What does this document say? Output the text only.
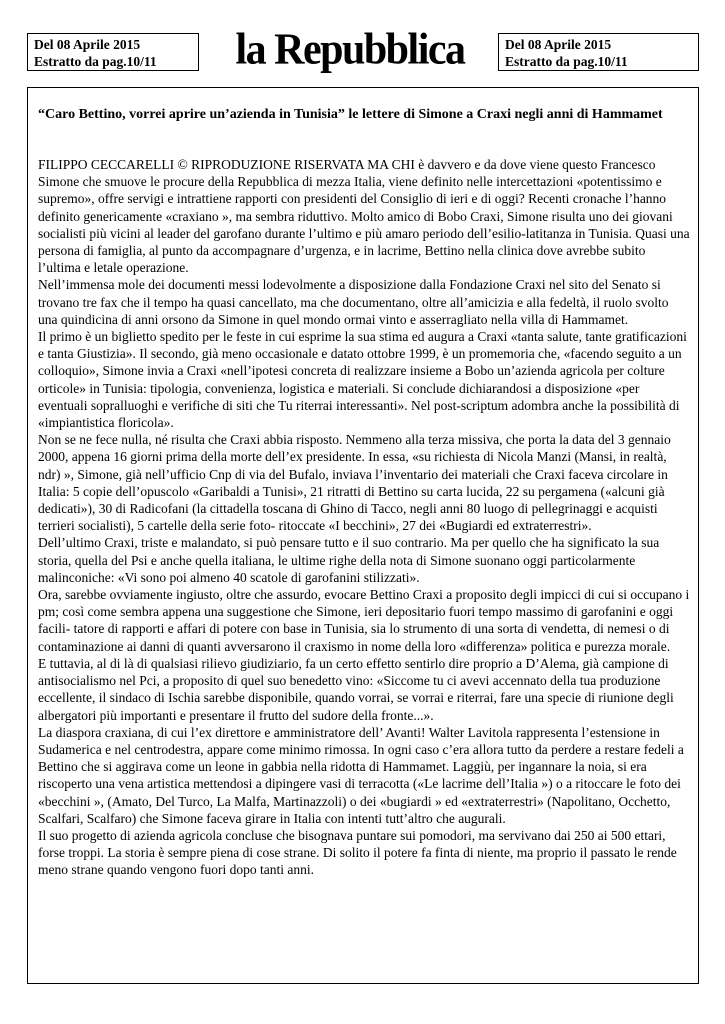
Del 08 Aprile 2015
Estratto da pag.10/11	la Repubblica	Del 08 Aprile 2015
Estratto da pag.10/11
“Caro Bettino, vorrei aprire un’azienda in Tunisia” le lettere di Simone a Craxi negli anni di Hammamet

FILIPPO CECCARELLI © RIPRODUZIONE RISERVATA MA CHI è davvero e da dove viene questo Francesco Simone che smuove le procure della Repubblica di mezza Italia, viene definito nelle intercettazioni «potentissimo e supremo», offre servigi e intrattiene rapporti con presidenti del Consiglio di ieri e di oggi? Recenti cronache l’hanno definito genericamente «craxiano », ma sembra riduttivo. Molto amico di Bobo Craxi, Simone risulta uno dei giovani socialisti più vicini al leader del garofano durante l’ultimo e più amaro periodo dell’esilio-latitanza in Tunisia. Quasi una persona di famiglia, al punto da accompagnare d’urgenza, e in lacrime, Bettino nella clinica dove avrebbe subito l’ultima e letale operazione.

Nell’immensa mole dei documenti messi lodevolmente a disposizione dalla Fondazione Craxi nel sito del Senato si trovano tre fax che il tempo ha quasi cancellato, ma che documentano, oltre all’amicizia e alla fedeltà, il ruolo svolto una quindicina di anni orsono da Simone in quel mondo ormai vinto e asserragliato nella villa di Hammamet.

Il primo è un biglietto spedito per le feste in cui esprime la sua stima ed augura a Craxi «tanta salute, tante gratificazioni e tanta Giustizia». Il secondo, già meno occasionale e datato ottobre 1999, è un promemoria che, «facendo seguito a un colloquio», Simone invia a Craxi «nell’ipotesi concreta di realizzare insieme a Bobo un’azienda agricola per colture orticole» in Tunisia: tipologia, convenienza, logistica e materiali. Si conclude dichiarandosi a disposizione «per eventuali sopralluoghi e verifiche di siti che Tu riterrai interessanti». Nel post-scriptum adombra anche la possibilità di «impiantistica floricola».

Non se ne fece nulla, né risulta che Craxi abbia risposto. Nemmeno alla terza missiva, che porta la data del 3 gennaio 2000, appena 16 giorni prima della morte dell’ex presidente. In essa, «su richiesta di Nicola Manzi (Mansi, in realtà, ndr) », Simone, già nell’ufficio Cnp di via del Bufalo, inviava l’inventario dei materiali che Craxi faceva circolare in Italia: 5 copie dell’opuscolo «Garibaldi a Tunisi», 21 ritratti di Bettino su carta lucida, 22 su pergamena («alcuni già dedicati»), 30 di Radicofani (la cittadella toscana di Ghino di Tacco, negli anni 80 luogo di pellegrinaggi e acquisti terrieri socialisti), 5 cartelle della serie foto- ritoccate «I becchini», 27 dei «Bugiardi ed extraterrestri».

Dell’ultimo Craxi, triste e malandato, si può pensare tutto e il suo contrario. Ma per quello che ha significato la sua storia, quella del Psi e anche quella italiana, le ultime righe della nota di Simone suonano oggi particolarmente malinconiche: «Vi sono poi almeno 40 scatole di garofanini stilizzati».

Ora, sarebbe ovviamente ingiusto, oltre che assurdo, evocare Bettino Craxi a proposito degli impicci di cui si occupano i pm; così come sembra appena una suggestione che Simone, ieri depositario fuori tempo massimo di garofanini e oggi facili- tatore di rapporti e affari di potere con base in Tunisia, sia lo strumento di una sorta di vendetta, di nemesi o di contaminazione ai danni di quanti avversarono il craxismo in nome della loro «differenza» politica e purezza morale.

E tuttavia, al di là di qualsiasi rilievo giudiziario, fa un certo effetto sentirlo dire proprio a D’Alema, già campione di antisocialismo nel Pci, a proposito di quel suo benedetto vino: «Siccome tu ci avevi accennato della tua produzione eccellente, il sindaco di Ischia sarebbe disponibile, quando vorrai, se vorrai e riterrai, fare una specie di riunione degli albergatori più importanti e presentare il frutto del sudore della fronte...».

La diaspora craxiana, di cui l’ex direttore e amministratore dell’ Avanti! Walter Lavitola rappresenta l’estensione in Sudamerica e nel centrodestra, appare come minimo rimossa. In ogni caso c’era allora tutto da perdere a restare fedeli a Bettino che si aggirava come un leone in gabbia nella ridotta di Hammamet. Laggiù, per ingannare la noia, si era riscoperto una vena artistica mettendosi a dipingere vasi di terracotta («Le lacrime dell’Italia ») o a ritoccare le foto dei «becchini », (Amato, Del Turco, La Malfa, Martinazzoli) o dei «bugiardi » ed «extraterrestri» (Napolitano, Occhetto, Scalfari, Scalfaro) che Simone faceva girare in Italia con intenti tutt’altro che augurali.

Il suo progetto di azienda agricola concluse che bisognava puntare sui pomodori, ma servivano dai 250 ai 500 ettari, forse troppi. La storia è sempre piena di cose strane. Di solito il potere fa finta di niente, ma proprio il passato le rende meno strane quando vengono fuori dopo tanti anni.
